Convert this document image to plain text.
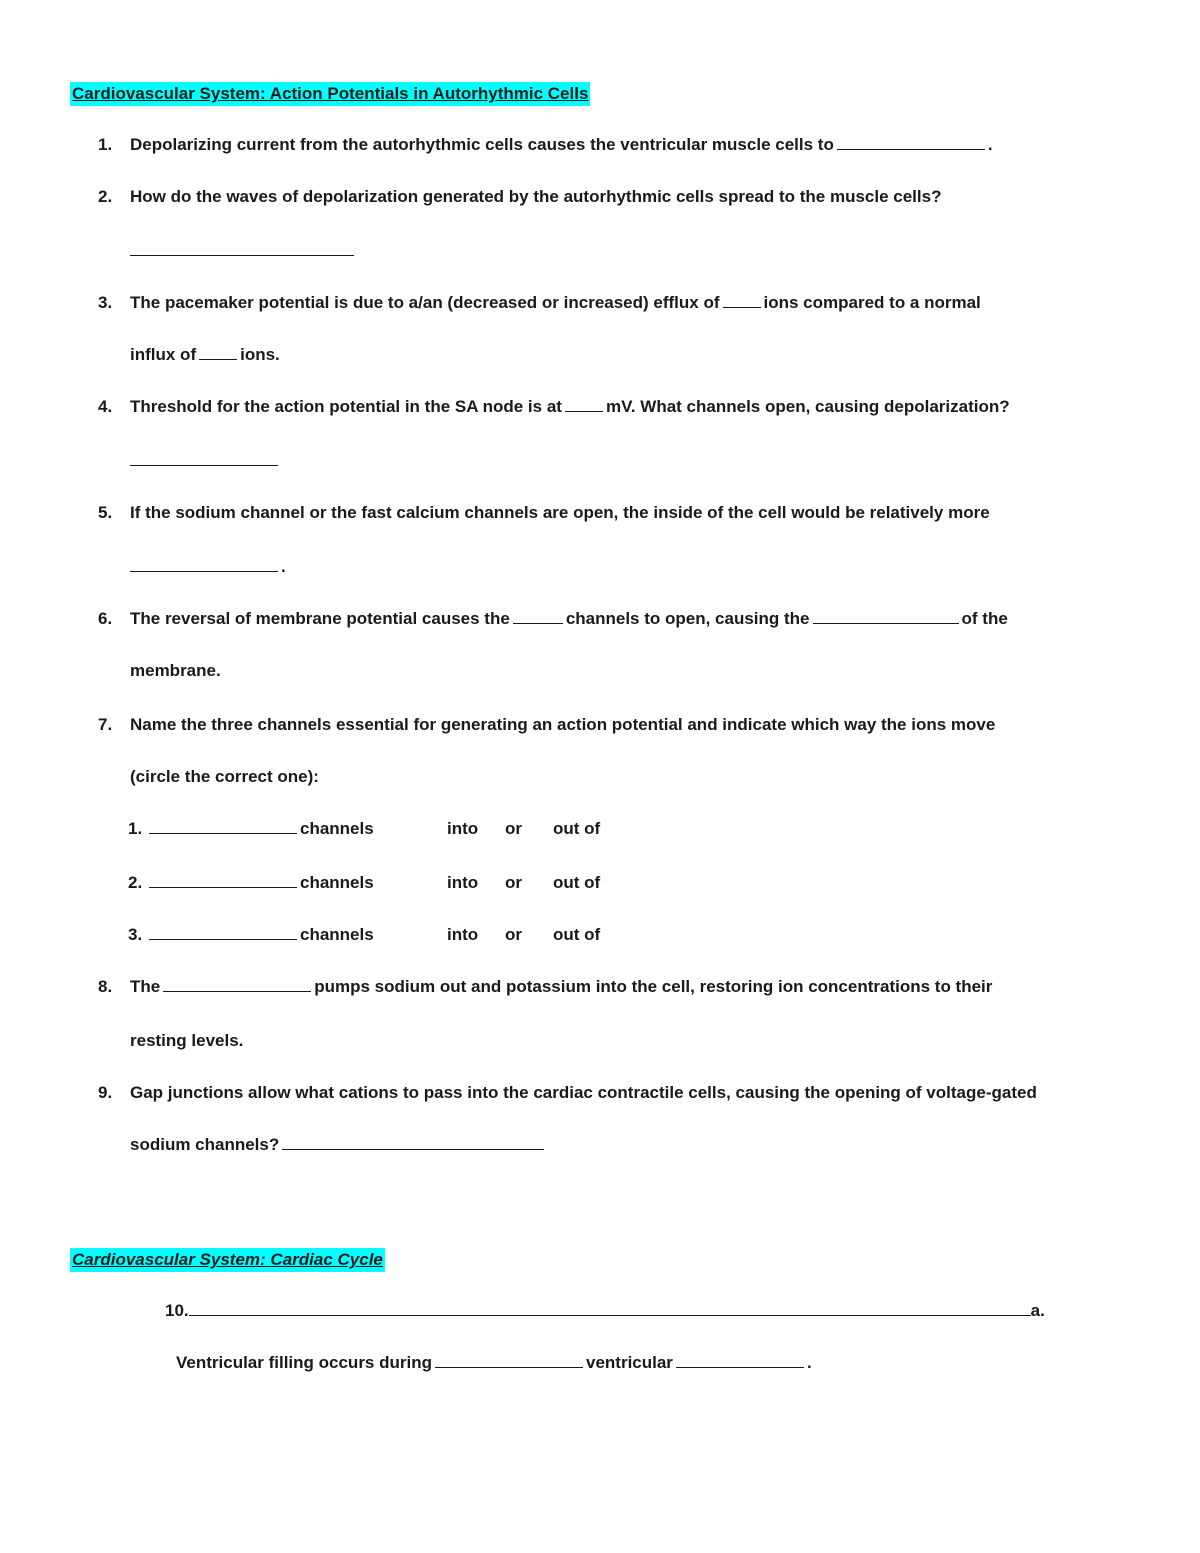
Cardiovascular System: Action Potentials in Autorhythmic Cells
1. Depolarizing current from the autorhythmic cells causes the ventricular muscle cells to	.
2. How do the waves of depolarization generated by the autorhythmic cells spread to the muscle cells?
3. The pacemaker potential is due to a/an (decreased or increased) efflux of	ions compared to a normal
influx of	ions.
4. Threshold for the action potential in the SA node is at	mV. What channels open, causing depolarization?
5. If the sodium channel or the fast calcium channels are open, the inside of the cell would be relatively more
.
6. The reversal of membrane potential causes the	channels to open, causing the	of the
membrane.
7. Name the three channels essential for generating an action potential and indicate which way the ions move
(circle the correct one):
1.	channels	into or out of
2.	channels	into or out of
3.	channels	into or out of
8. The	pumps sodium out and potassium into the cell, restoring ion concentrations to their
resting levels.
9. Gap junctions allow what cations to pass into the cardiac contractile cells, causing the opening of voltage-gated
sodium channels?
Cardiovascular System: Cardiac Cycle
10.	a.
Ventricular filling occurs during	ventricular	.
